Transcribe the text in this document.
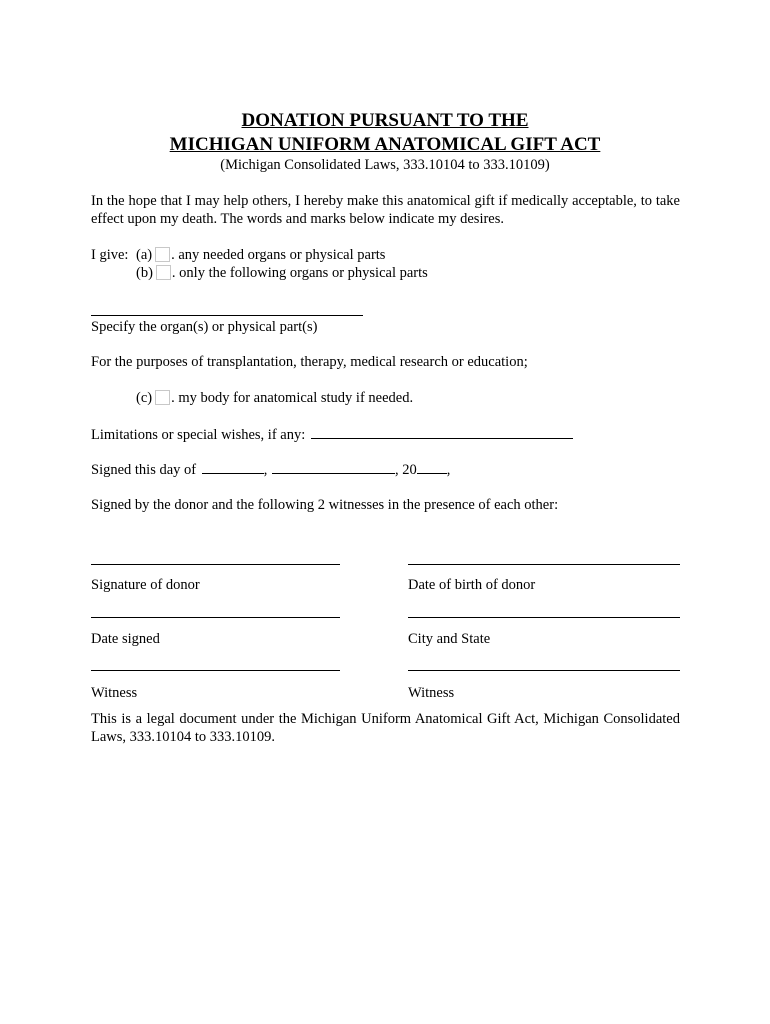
DONATION PURSUANT TO THE
MICHIGAN UNIFORM ANATOMICAL GIFT ACT
(Michigan Consolidated Laws, 333.10104 to 333.10109)
In the hope that I may help others, I hereby make this anatomical gift if medically acceptable, to take effect upon my death. The words and marks below indicate my desires.
I give: (a) . any needed organs or physical parts
(b) . only the following organs or physical parts
Specify the organ(s) or physical part(s)
For the purposes of transplantation, therapy, medical research or education;
(c) . my body for anatomical study if needed.
Limitations or special wishes, if any:
Signed this day of	,	, 20 ,
Signed by the donor and the following 2 witnesses in the presence of each other:
Signature of donor	Date of birth of donor
Date signed	City and State
Witness	Witness
This is a legal document under the Michigan Uniform Anatomical Gift Act, Michigan Consolidated Laws, 333.10104 to 333.10109.
